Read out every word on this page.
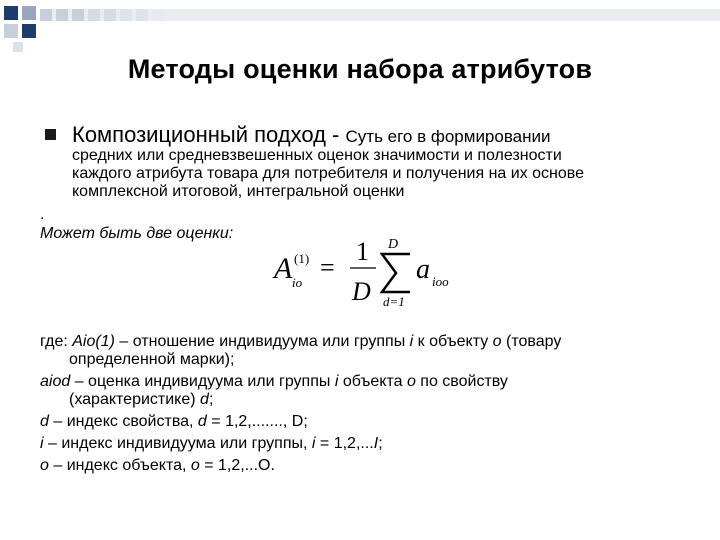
Методы оценки набора атрибутов
Композиционный подход - Суть его в формировании
средних или средневзвешенных оценок значимости и полезности
каждого атрибута товара для потребителя и получения на их основе
комплексной итоговой, интегральной оценки
.
Может быть две оценки:
A (1)
io
=
1
D
D
d=1
a ioo
где: Aio(1) – отношение индивидуума или группы i к объекту o (товару
определенной марки);
aiod – оценка индивидуума или группы i объекта o по свойству
(характеристике) d;
d – индекс свойства, d = 1,2,......., D;
i – индекс индивидуума или группы, i = 1,2,...I;
o – индекс объекта, o = 1,2,...О.
